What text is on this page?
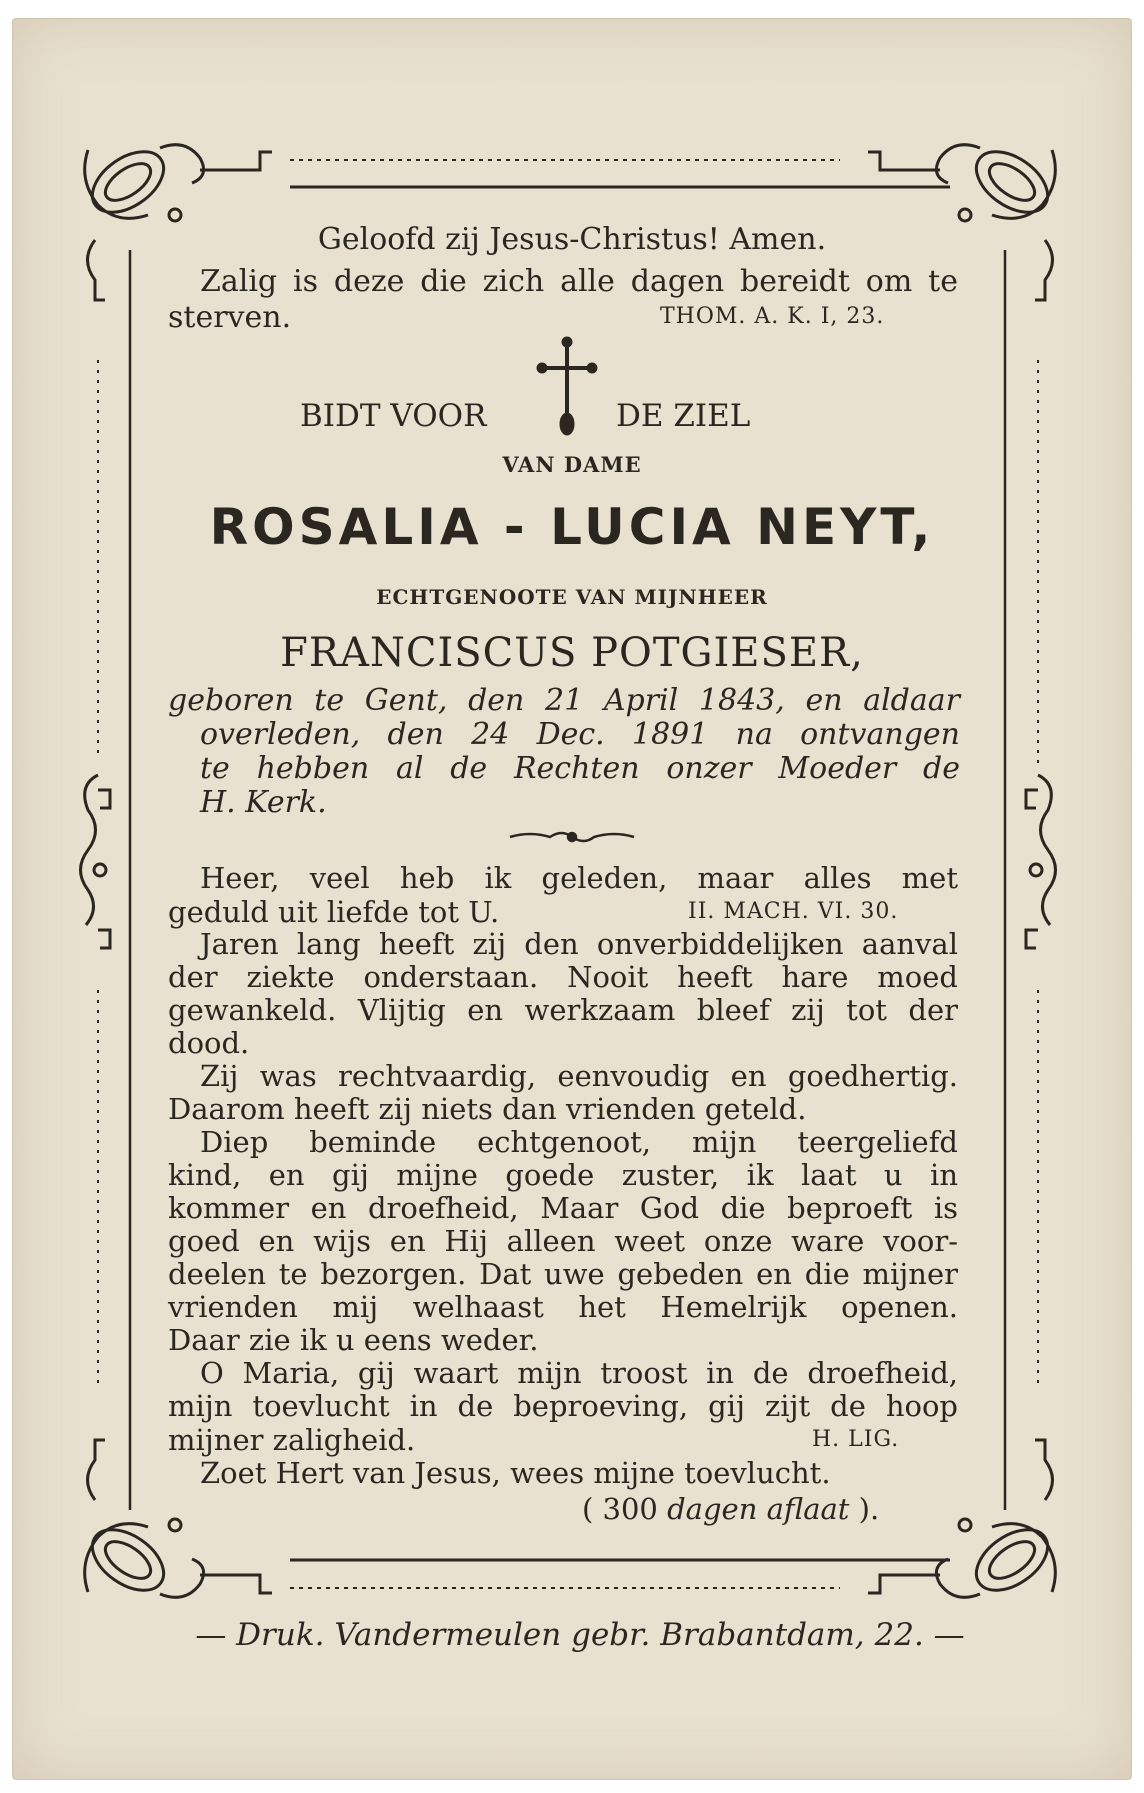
Geloofd zij Jesus-Christus! Amen.
Zalig is deze die zich alle dagen bereidt om te
sterven.	THOM. A. K. I, 23.
BIDT VOOR	DE ZIEL
VAN DAME
ROSALIA - LUCIA NEYT,
ECHTGENOOTE VAN MIJNHEER
FRANCISCUS POTGIESER,
geboren te Gent, den 21 April 1843, en aldaar
overleden, den 24 Dec. 1891 na ontvangen
te hebben al de Rechten onzer Moeder de
H. Kerk.
Heer, veel heb ik geleden, maar alles met
geduld uit liefde tot U.	II. MACH. VI. 30.
Jaren lang heeft zij den onverbiddelijken aanval
der ziekte onderstaan. Nooit heeft hare moed
gewankeld. Vlijtig en werkzaam bleef zij tot der
dood.
Zij was rechtvaardig, eenvoudig en goedhertig.
Daarom heeft zij niets dan vrienden geteld.
Diep beminde echtgenoot, mijn teergeliefd
kind, en gij mijne goede zuster, ik laat u in
kommer en droefheid, Maar God die beproeft is
goed en wijs en Hij alleen weet onze ware voor-
deelen te bezorgen. Dat uwe gebeden en die mijner
vrienden mij welhaast het Hemelrijk openen.
Daar zie ik u eens weder.
O Maria, gij waart mijn troost in de droefheid,
mijn toevlucht in de beproeving, gij zijt de hoop
mijner zaligheid.	H. LIG.
Zoet Hert van Jesus, wees mijne toevlucht.
( 300 dagen aflaat ).
— Druk. Vandermeulen gebr. Brabantdam, 22. —
